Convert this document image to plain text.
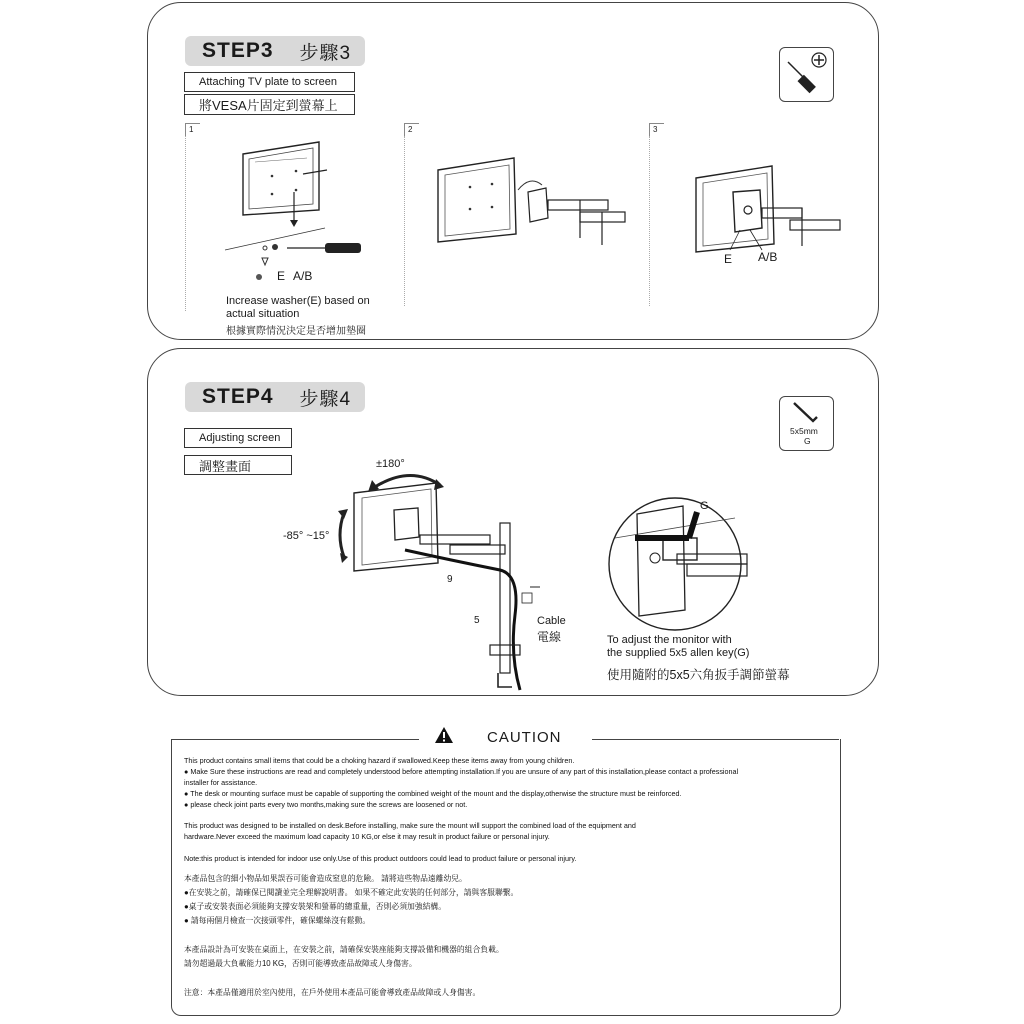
STEP3 步驟3
Attaching TV plate to screen
將VESA片固定到螢幕上
1	2	3
E A/B
Increase washer(E) based on
actual situation
根據實際情況決定是否增加墊圈
E A/B
STEP4 步驟4
Adjusting screen
調整畫面
5x5mm
G
±180°
-85° ~15°
9
5	Cable
電線
G
To adjust the monitor with
the supplied 5x5 allen key(G)
使用隨附的5x5六角扳手調節螢幕
CAUTION
This product contains small items that could be a choking hazard if swallowed.Keep these items away from young children.
● Make Sure these instructions are read and completely understood before attempting installation.If you are unsure of any part of this installation,please contact a professional
installer for assistance.
● The desk or mounting surface must be capable of supporting the combined weight of the mount and the display,otherwise the structure must be reinforced.
● please check joint parts every two months,making sure the screws are loosened or not.
This product was designed to be installed on desk.Before installing, make sure the mount will support the combined load of the equipment and
hardware.Never exceed the maximum load capacity 10 KG,or else it may result in product failure or personal injury.
Note:this product is intended for indoor use only.Use of this product outdoors could lead to product failure or personal injury.
本產品包含的細小物品如果誤吞可能會造成窒息的危險。 請將這些物品遠離幼兒。
●在安裝之前，請確保已閱讀並完全理解說明書。 如果不確定此安裝的任何部分，請與客服聯繫。
●桌子或安裝表面必須能夠支撐安裝架和螢幕的總重量，否則必須加強結構。
● 請每兩個月檢查一次接頭零件，確保螺絲沒有鬆動。
本產品設計為可安裝在桌面上，在安裝之前，請確保安裝座能夠支撐設備和機器的組合負載。
請勿超過最大負載能力10 KG，否則可能導致產品故障或人身傷害。
注意：本產品僅適用於室內使用，在戶外使用本產品可能會導致產品故障或人身傷害。
